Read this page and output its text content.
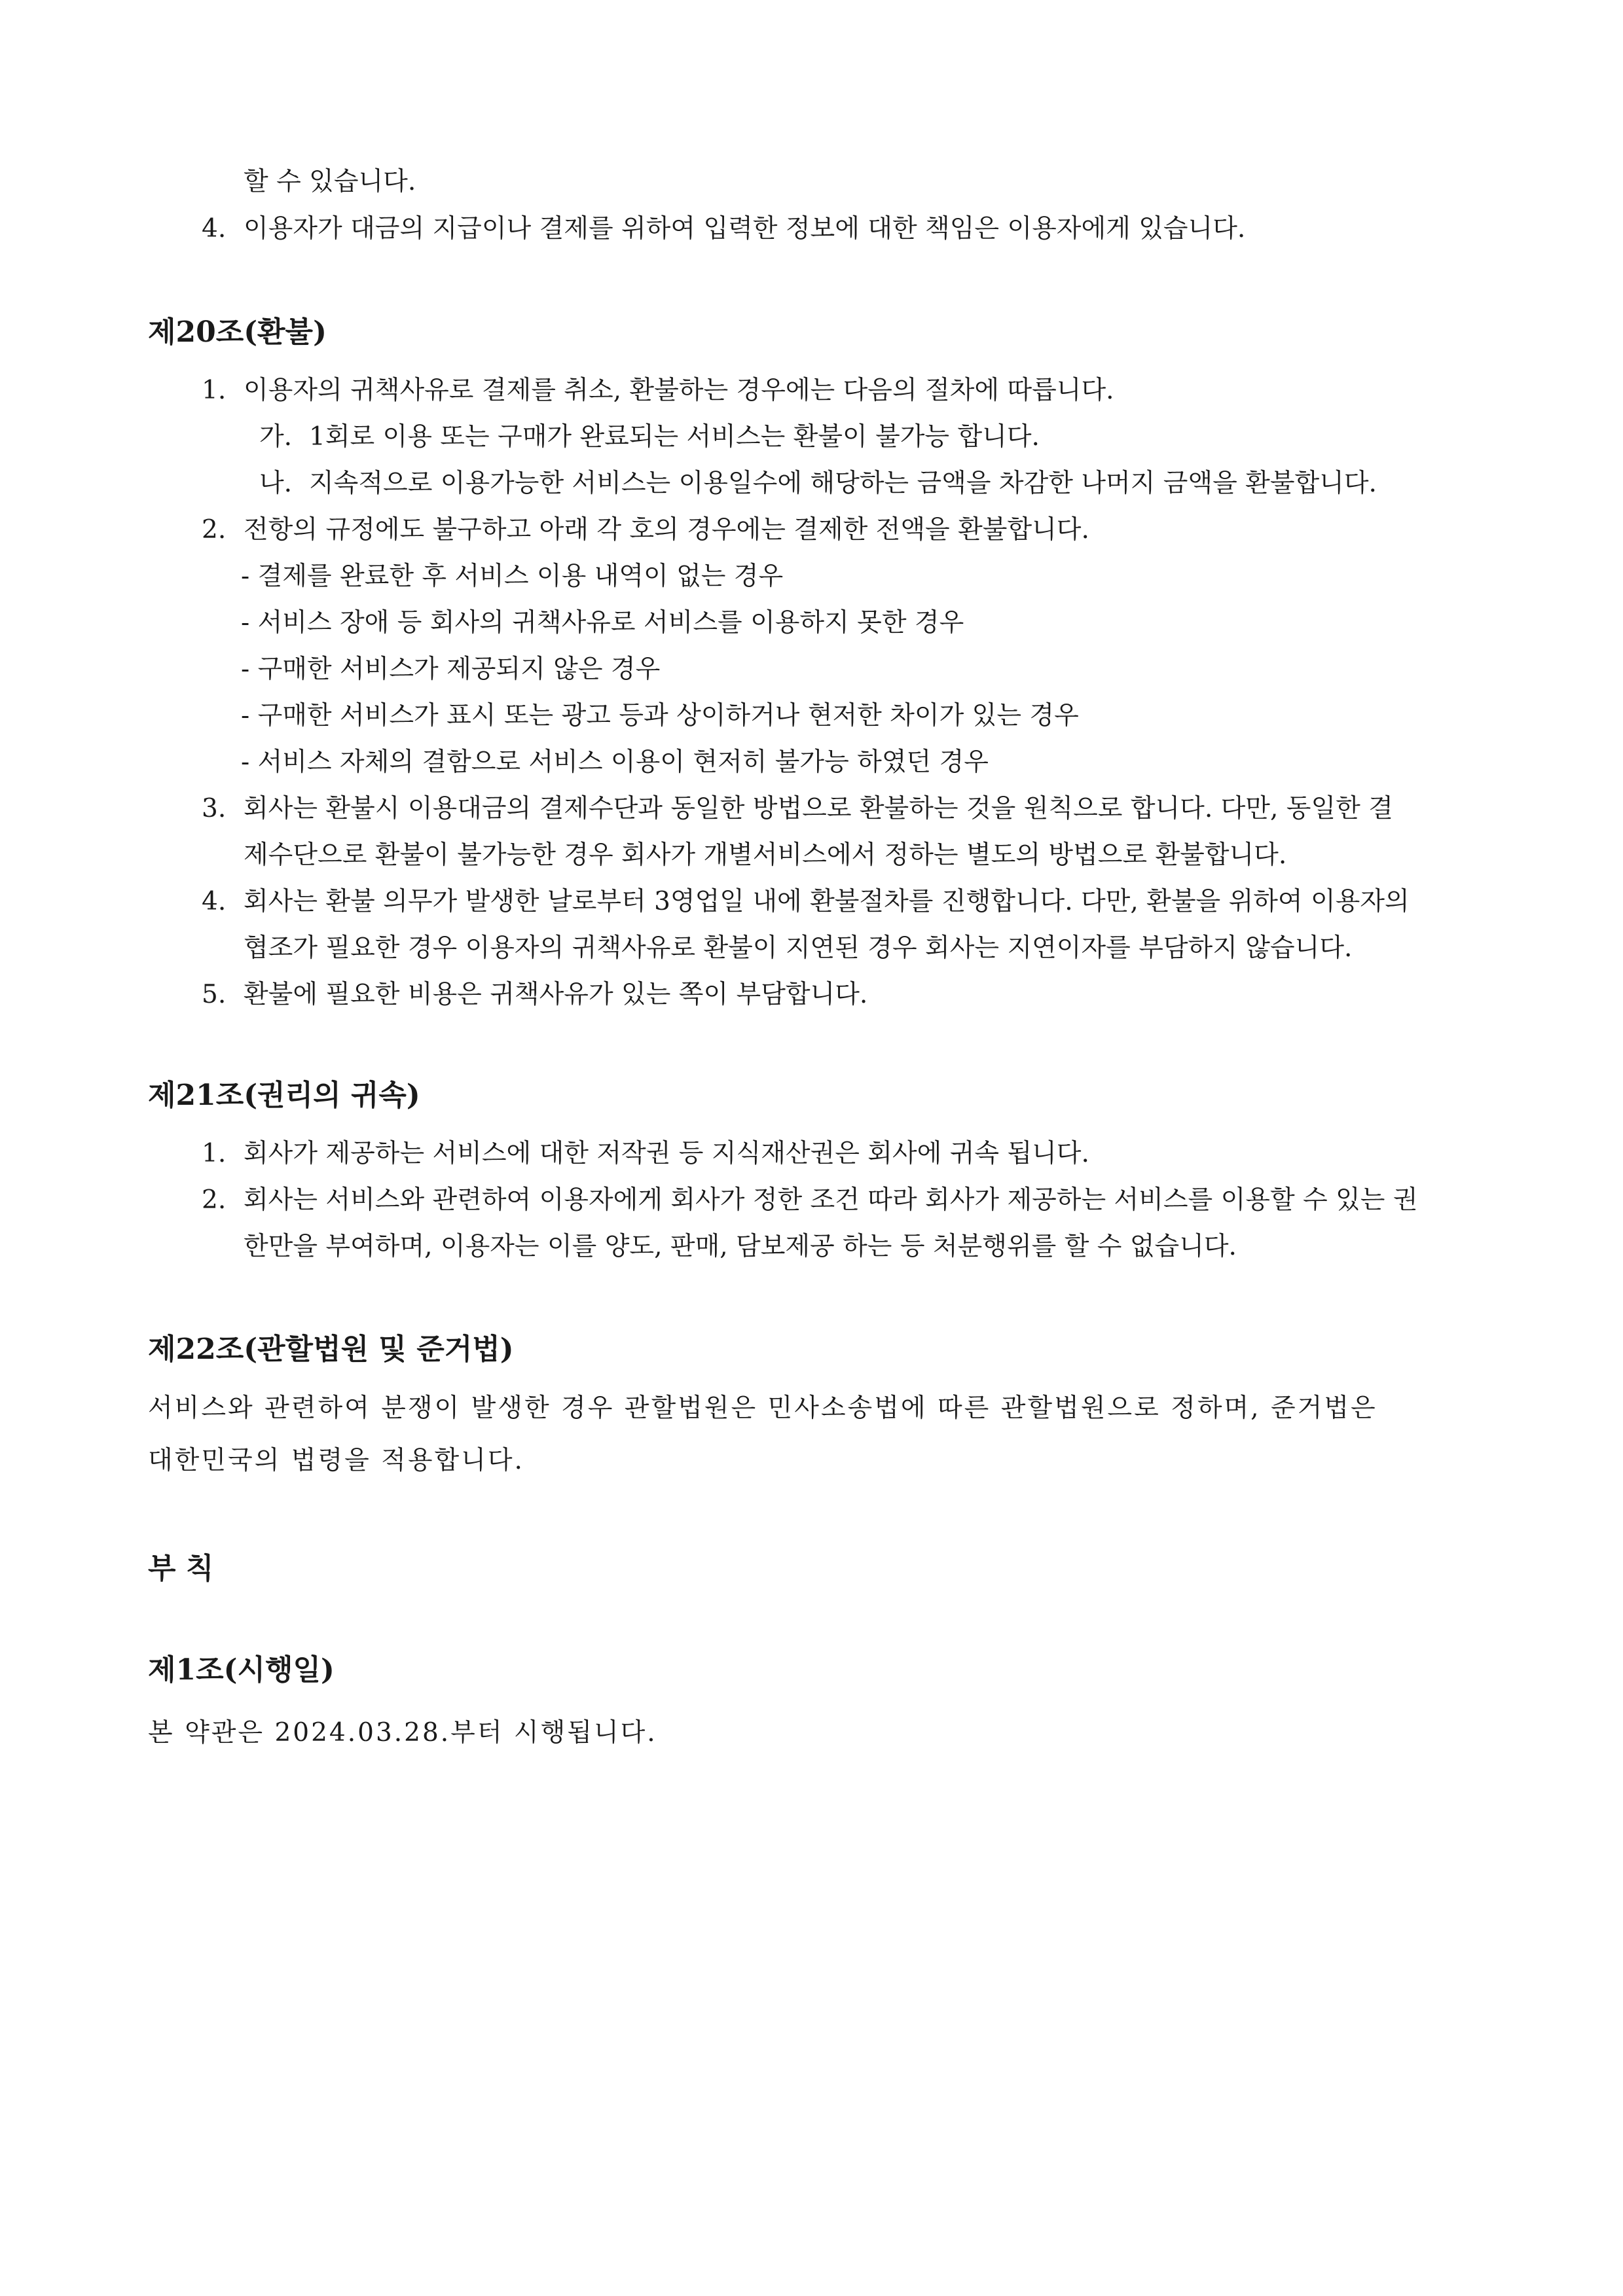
할 수 있습니다.
4. 이용자가 대금의 지급이나 결제를 위하여 입력한 정보에 대한 책임은 이용자에게 있습니다.
제20조(환불)
1. 이용자의 귀책사유로 결제를 취소, 환불하는 경우에는 다음의 절차에 따릅니다.
가. 1회로 이용 또는 구매가 완료되는 서비스는 환불이 불가능 합니다.
나. 지속적으로 이용가능한 서비스는 이용일수에 해당하는 금액을 차감한 나머지 금액을 환불합니다.
2. 전항의 규정에도 불구하고 아래 각 호의 경우에는 결제한 전액을 환불합니다.
- 결제를 완료한 후 서비스 이용 내역이 없는 경우
- 서비스 장애 등 회사의 귀책사유로 서비스를 이용하지 못한 경우
- 구매한 서비스가 제공되지 않은 경우
- 구매한 서비스가 표시 또는 광고 등과 상이하거나 현저한 차이가 있는 경우
- 서비스 자체의 결함으로 서비스 이용이 현저히 불가능 하였던 경우
3. 회사는 환불시 이용대금의 결제수단과 동일한 방법으로 환불하는 것을 원칙으로 합니다. 다만, 동일한 결
제수단으로 환불이 불가능한 경우 회사가 개별서비스에서 정하는 별도의 방법으로 환불합니다.
4. 회사는 환불 의무가 발생한 날로부터 3영업일 내에 환불절차를 진행합니다. 다만, 환불을 위하여 이용자의
협조가 필요한 경우 이용자의 귀책사유로 환불이 지연된 경우 회사는 지연이자를 부담하지 않습니다.
5. 환불에 필요한 비용은 귀책사유가 있는 쪽이 부담합니다.
제21조(권리의 귀속)
1. 회사가 제공하는 서비스에 대한 저작권 등 지식재산권은 회사에 귀속 됩니다.
2. 회사는 서비스와 관련하여 이용자에게 회사가 정한 조건 따라 회사가 제공하는 서비스를 이용할 수 있는 권
한만을 부여하며, 이용자는 이를 양도, 판매, 담보제공 하는 등 처분행위를 할 수 없습니다.
제22조(관할법원 및 준거법)
서비스와 관련하여 분쟁이 발생한 경우 관할법원은 민사소송법에 따른 관할법원으로 정하며, 준거법은
대한민국의 법령을 적용합니다.
부 칙
제1조(시행일)
본 약관은 2024.03.28.부터 시행됩니다.
